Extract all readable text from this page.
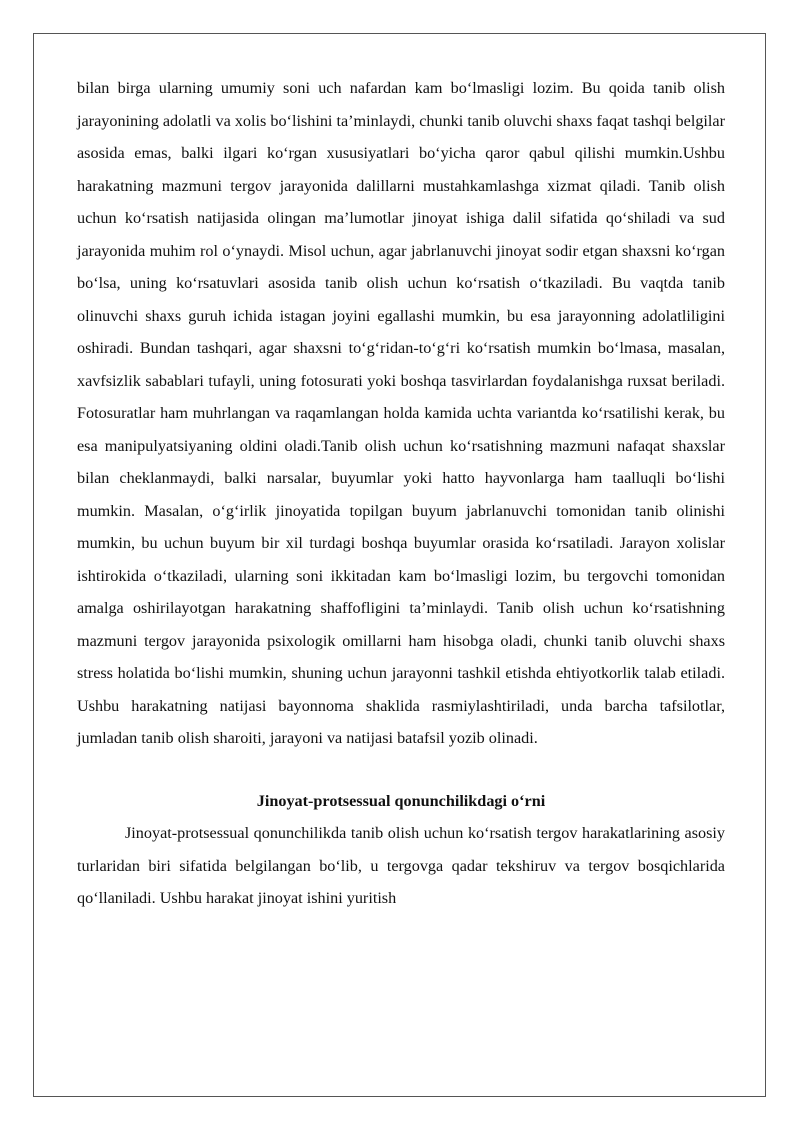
bilan birga ularning umumiy soni uch nafardan kam bo‘lmasligi lozim. Bu qoida tanib olish jarayonining adolatli va xolis bo‘lishini ta’minlaydi, chunki tanib oluvchi shaxs faqat tashqi belgilar asosida emas, balki ilgari ko‘rgan xususiyatlari bo‘yicha qaror qabul qilishi mumkin.Ushbu harakatning mazmuni tergov jarayonida dalillarni mustahkamlashga xizmat qiladi. Tanib olish uchun ko‘rsatish natijasida olingan ma’lumotlar jinoyat ishiga dalil sifatida qo‘shiladi va sud jarayonida muhim rol o‘ynaydi. Misol uchun, agar jabrlanuvchi jinoyat sodir etgan shaxsni ko‘rgan bo‘lsa, uning ko‘rsatuvlari asosida tanib olish uchun ko‘rsatish o‘tkaziladi. Bu vaqtda tanib olinuvchi shaxs guruh ichida istagan joyini egallashi mumkin, bu esa jarayonning adolatliligini oshiradi. Bundan tashqari, agar shaxsni to‘g‘ridan-to‘g‘ri ko‘rsatish mumkin bo‘lmasa, masalan, xavfsizlik sabablari tufayli, uning fotosurati yoki boshqa tasvirlardan foydalanishga ruxsat beriladi. Fotosuratlar ham muhrlangan va raqamlangan holda kamida uchta variantda ko‘rsatilishi kerak, bu esa manipulyatsiyaning oldini oladi.Tanib olish uchun ko‘rsatishning mazmuni nafaqat shaxslar bilan cheklanmaydi, balki narsalar, buyumlar yoki hatto hayvonlarga ham taalluqli bo‘lishi mumkin. Masalan, o‘g‘irlik jinoyatida topilgan buyum jabrlanuvchi tomonidan tanib olinishi mumkin, bu uchun buyum bir xil turdagi boshqa buyumlar orasida ko‘rsatiladi. Jarayon xolislar ishtirokida o‘tkaziladi, ularning soni ikkitadan kam bo‘lmasligi lozim, bu tergovchi tomonidan amalga oshirilayotgan harakatning shaffofligini ta’minlaydi. Tanib olish uchun ko‘rsatishning mazmuni tergov jarayonida psixologik omillarni ham hisobga oladi, chunki tanib oluvchi shaxs stress holatida bo‘lishi mumkin, shuning uchun jarayonni tashkil etishda ehtiyotkorlik talab etiladi. Ushbu harakatning natijasi bayonnoma shaklida rasmiylashtiriladi, unda barcha tafsilotlar, jumladan tanib olish sharoiti, jarayoni va natijasi batafsil yozib olinadi.

Jinoyat-protsessual qonunchilikdagi o‘rni

Jinoyat-protsessual qonunchilikda tanib olish uchun ko‘rsatish tergov harakatlarining asosiy turlaridan biri sifatida belgilangan bo‘lib, u tergovga qadar tekshiruv va tergov bosqichlarida qo‘llaniladi. Ushbu harakat jinoyat ishini yuritish
